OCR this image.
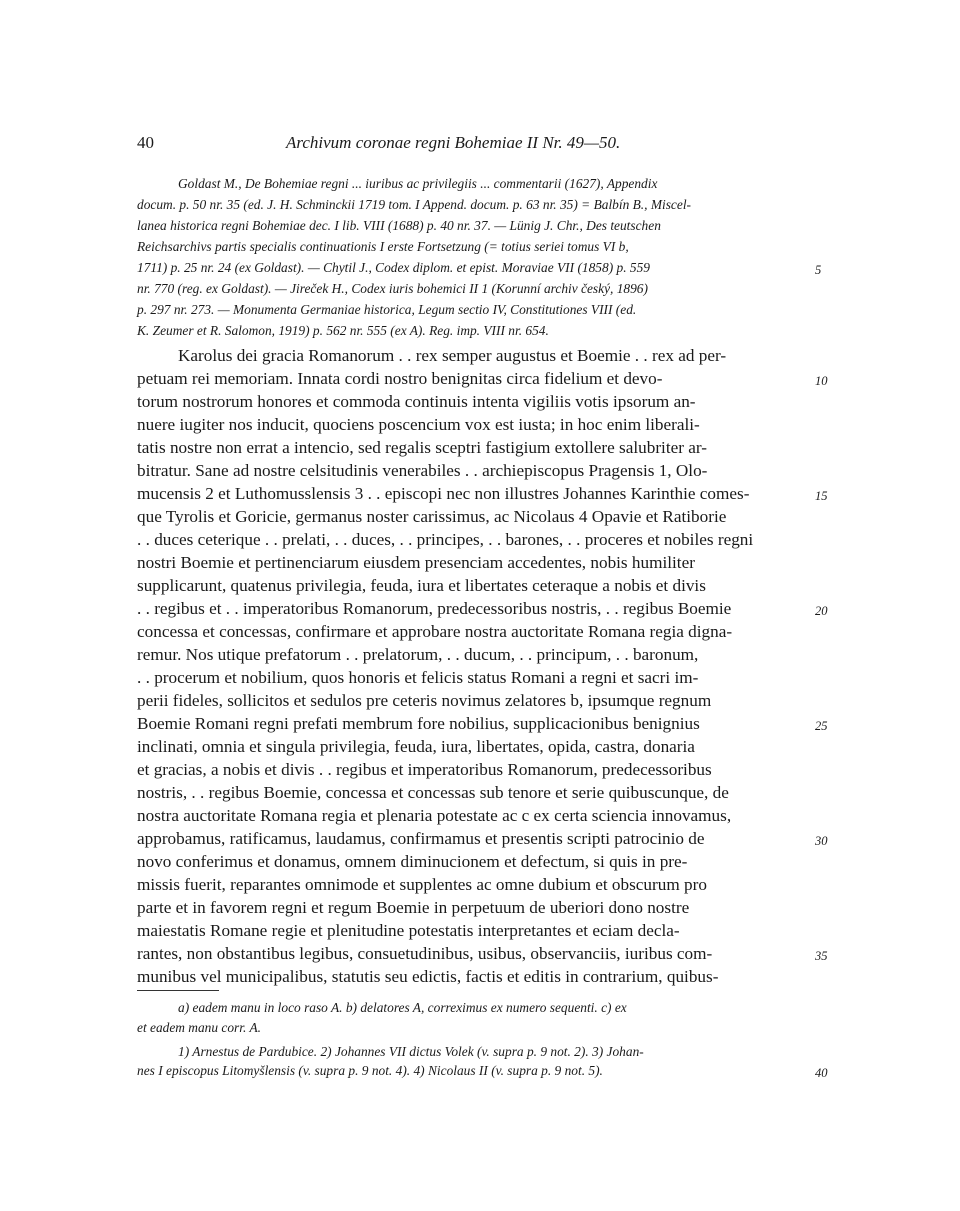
40	Archivum coronae regni Bohemiae II Nr. 49—50.
Goldast M., De Bohemiae regni ... iuribus ac privilegiis ... commentarii (1627), Appendix
docum. p. 50 nr. 35 (ed. J. H. Schminckii 1719 tom. I Append. docum. p. 63 nr. 35) = Balbín B., Miscel-
lanea historica regni Bohemiae dec. I lib. VIII (1688) p. 40 nr. 37. — Lünig J. Chr., Des teutschen
Reichsarchivs partis specialis continuationis I erste Fortsetzung (= totius seriei tomus VI b,
1711) p. 25 nr. 24 (ex Goldast). — Chytil J., Codex diplom. et epist. Moraviae VII (1858) p. 559
nr. 770 (reg. ex Goldast). — Jireček H., Codex iuris bohemici II 1 (Korunní archiv český, 1896)
p. 297 nr. 273. — Monumenta Germaniae historica, Legum sectio IV, Constitutiones VIII (ed.
K. Zeumer et R. Salomon, 1919) p. 562 nr. 555 (ex A). Reg. imp. VIII nr. 654.
Karolus dei gracia Romanorum . . rex semper augustus et Boemie . . rex ad per-
petuam rei memoriam. Innata cordi nostro benignitas circa fidelium et devo-
torum nostrorum honores et commoda continuis intenta vigiliis votis ipsorum an-
nuere iugiter nos inducit, quociens poscencium vox est iusta; in hoc enim liberali-
tatis nostre non errat a intencio, sed regalis sceptri fastigium extollere salubriter ar-
bitratur. Sane ad nostre celsitudinis venerabiles . . archiepiscopus Pragensis 1, Olo-
mucensis 2 et Luthomusslensis 3 . . episcopi nec non illustres Johannes Karinthie comes-
que Tyrolis et Goricie, germanus noster carissimus, ac Nicolaus 4 Opavie et Ratiborie
. . duces ceterique . . prelati, . . duces, . . principes, . . barones, . . proceres et nobiles regni
nostri Boemie et pertinenciarum eiusdem presenciam accedentes, nobis humiliter
supplicarunt, quatenus privilegia, feuda, iura et libertates ceteraque a nobis et divis
. . regibus et . . imperatoribus Romanorum, predecessoribus nostris, . . regibus Boemie
concessa et concessas, confirmare et approbare nostra auctoritate Romana regia digna-
remur. Nos utique prefatorum . . prelatorum, . . ducum, . . principum, . . baronum,
. . procerum et nobilium, quos honoris et felicis status Romani a regni et sacri im-
perii fideles, sollicitos et sedulos pre ceteris novimus zelatores b, ipsumque regnum
Boemie Romani regni prefati membrum fore nobilius, supplicacionibus benignius
inclinati, omnia et singula privilegia, feuda, iura, libertates, opida, castra, donaria
et gracias, a nobis et divis . . regibus et imperatoribus Romanorum, predecessoribus
nostris, . . regibus Boemie, concessa et concessas sub tenore et serie quibuscunque, de
nostra auctoritate Romana regia et plenaria potestate ac c ex certa sciencia innovamus,
approbamus, ratificamus, laudamus, confirmamus et presentis scripti patrocinio de
novo conferimus et donamus, omnem diminucionem et defectum, si quis in pre-
missis fuerit, reparantes omnimode et supplentes ac omne dubium et obscurum pro
parte et in favorem regni et regum Boemie in perpetuum de uberiori dono nostre
maiestatis Romane regie et plenitudine potestatis interpretantes et eciam decla-
rantes, non obstantibus legibus, consuetudinibus, usibus, observanciis, iuribus com-
munibus vel municipalibus, statutis seu edictis, factis et editis in contrarium, quibus-
a) eadem manu in loco raso A. b) delatores A, correximus ex numero sequenti. c) ex
et eadem manu corr. A.
1) Arnestus de Pardubice. 2) Johannes VII dictus Volek (v. supra p. 9 not. 2). 3) Johan-
nes I episcopus Litomyšlensis (v. supra p. 9 not. 4). 4) Nicolaus II (v. supra p. 9 not. 5).
5
10
15
20
25
30
35
40
